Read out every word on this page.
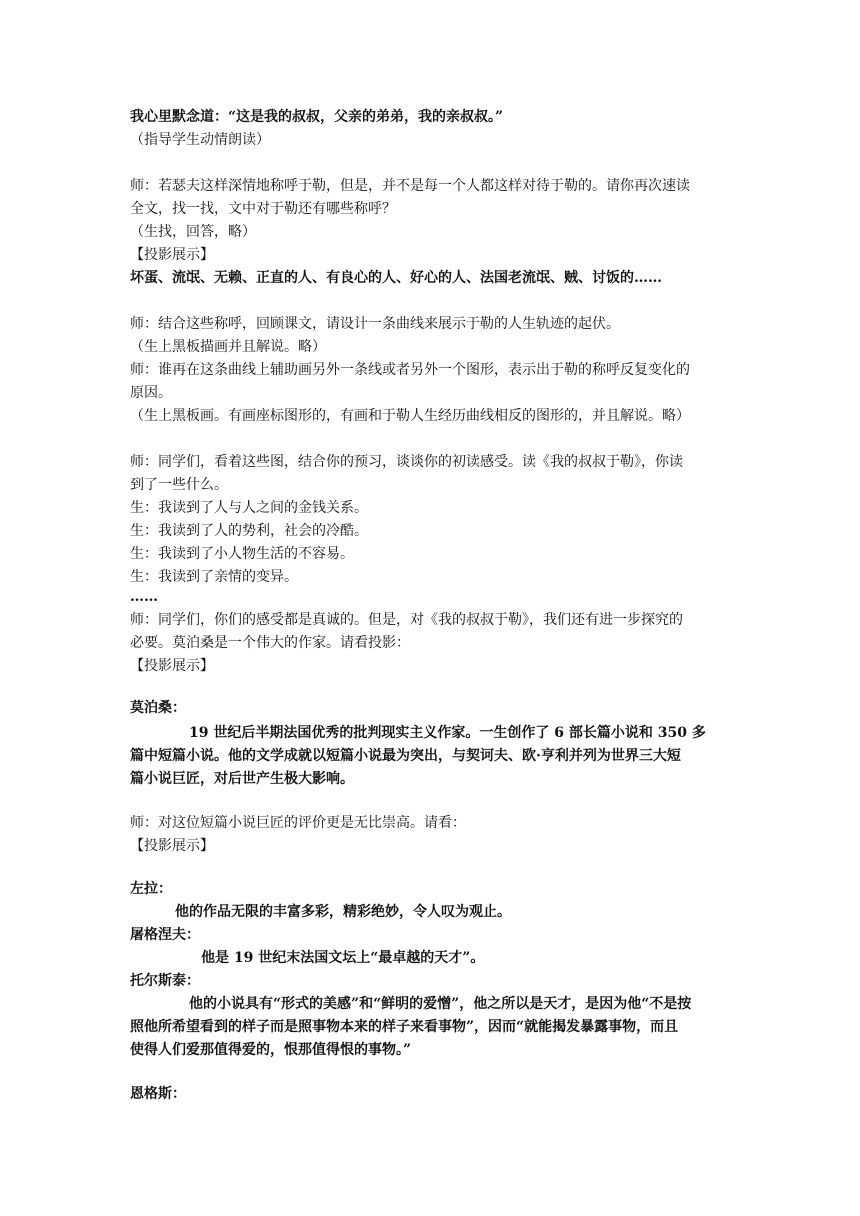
我心里默念道：“这是我的叔叔，父亲的弟弟，我的亲叔叔。”
（指导学生动情朗读）
师：若瑟夫这样深情地称呼于勒，但是，并不是每一个人都这样对待于勒的。请你再次速读
全文，找一找，文中对于勒还有哪些称呼？
（生找，回答，略）
【投影展示】
坏蛋、流氓、无赖、正直的人、有良心的人、好心的人、法国老流氓、贼、讨饭的……
师：结合这些称呼，回顾课文，请设计一条曲线来展示于勒的人生轨迹的起伏。
（生上黑板描画并且解说。略）
师：谁再在这条曲线上辅助画另外一条线或者另外一个图形，表示出于勒的称呼反复变化的
原因。
（生上黑板画。有画座标图形的，有画和于勒人生经历曲线相反的图形的，并且解说。略）
师：同学们，看着这些图，结合你的预习，谈谈你的初读感受。读《我的叔叔于勒》，你读
到了一些什么。
生：我读到了人与人之间的金钱关系。
生：我读到了人的势利，社会的冷酷。
生：我读到了小人物生活的不容易。
生：我读到了亲情的变异。
……
师：同学们，你们的感受都是真诚的。但是，对《我的叔叔于勒》，我们还有进一步探究的
必要。莫泊桑是一个伟大的作家。请看投影：
【投影展示】
莫泊桑：
19 世纪后半期法国优秀的批判现实主义作家。一生创作了 6 部长篇小说和 350 多
篇中短篇小说。他的文学成就以短篇小说最为突出，与契诃夫、欧·亨利并列为世界三大短
篇小说巨匠，对后世产生极大影响。
师：对这位短篇小说巨匠的评价更是无比崇高。请看：
【投影展示】
左拉：
他的作品无限的丰富多彩，精彩绝妙，令人叹为观止。
屠格涅夫：
他是 19 世纪末法国文坛上“最卓越的天才”。
托尔斯泰：
他的小说具有“形式的美感”和“鲜明的爱憎”，他之所以是天才，是因为他“不是按
照他所希望看到的样子而是照事物本来的样子来看事物”，因而“就能揭发暴露事物，而且
使得人们爱那值得爱的，恨那值得恨的事物。”
恩格斯：
